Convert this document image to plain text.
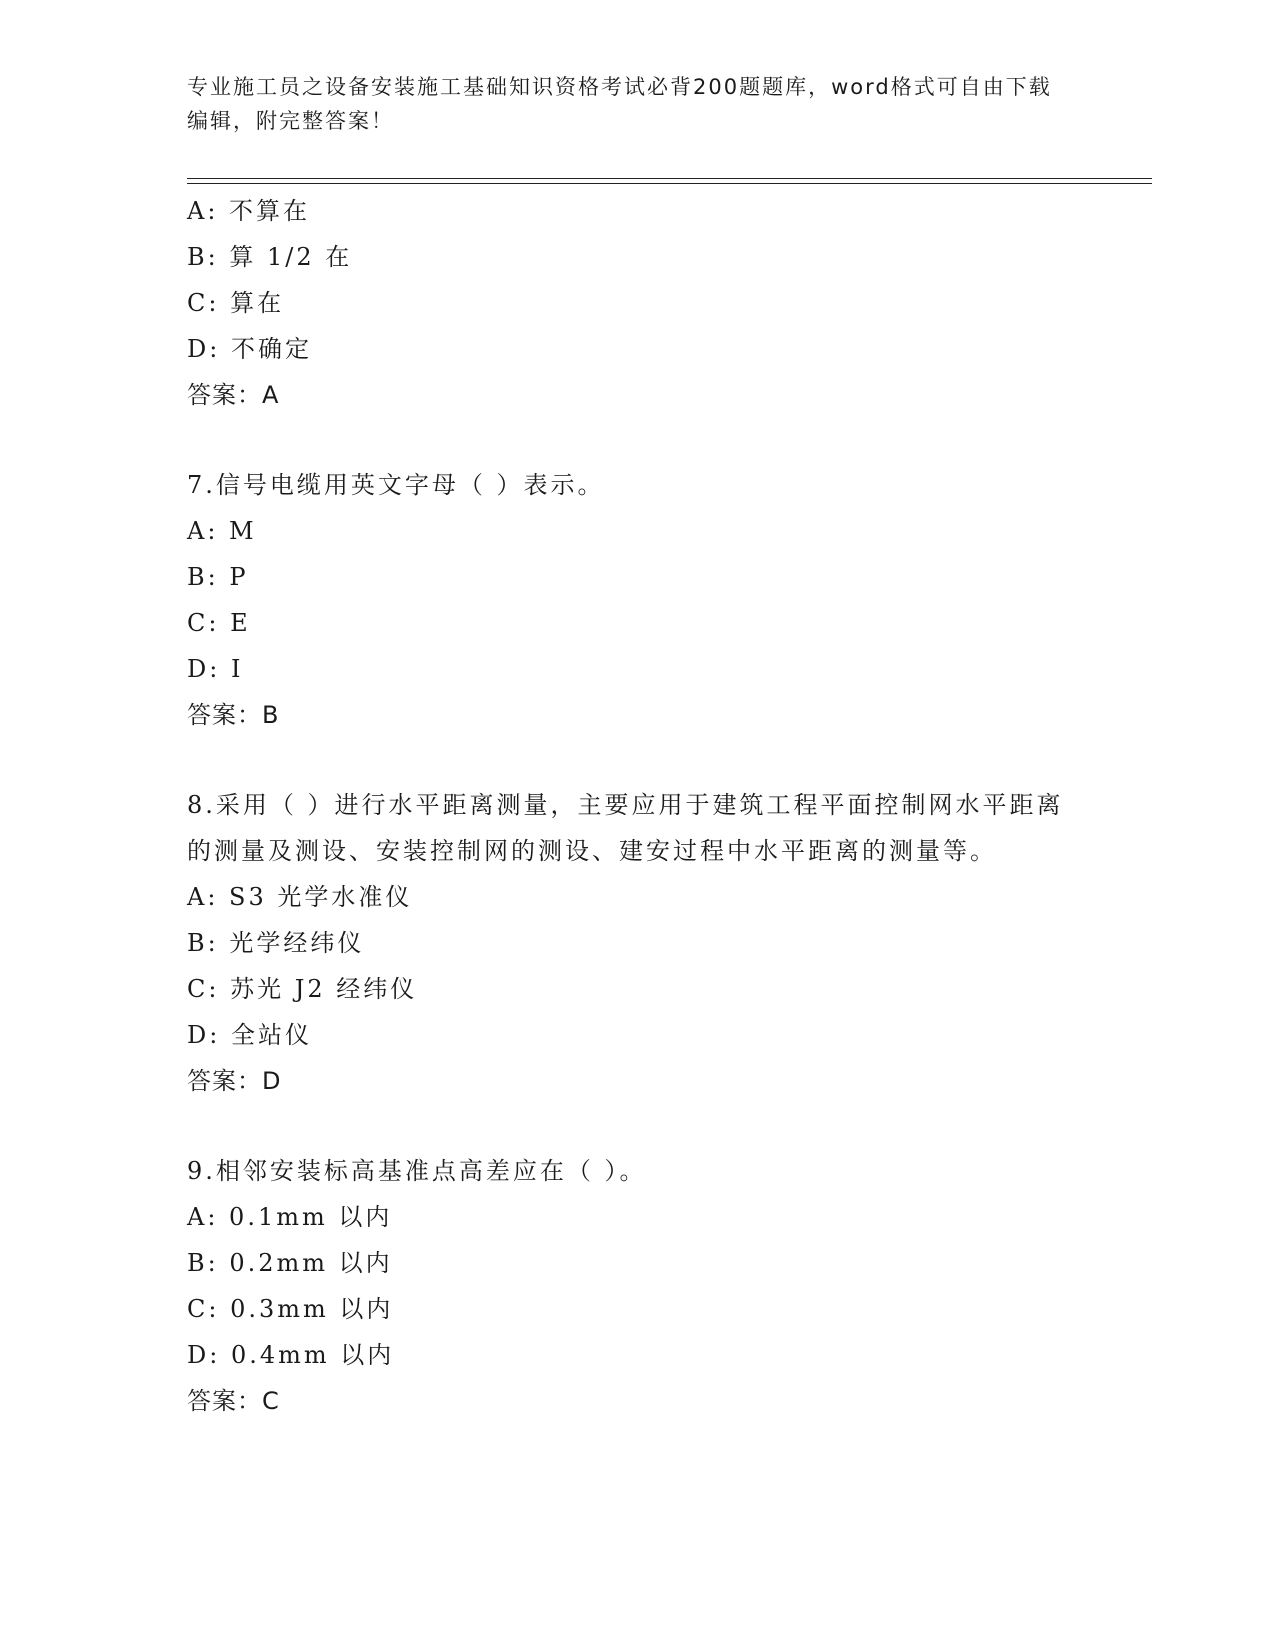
专业施工员之设备安装施工基础知识资格考试必背200题题库，word格式可自由下载编辑，附完整答案！
A: 不算在
B: 算 1/2 在
C: 算在
D: 不确定
答案：A
7.信号电缆用英文字母（ ）表示。
A: M
B: P
C: E
D: I
答案：B
8.采用（ ）进行水平距离测量，主要应用于建筑工程平面控制网水平距离的测量及测设、安装控制网的测设、建安过程中水平距离的测量等。
A: S3 光学水准仪
B: 光学经纬仪
C: 苏光 J2 经纬仪
D: 全站仪
答案：D
9.相邻安装标高基准点高差应在（ ）。
A: 0.1mm 以内
B: 0.2mm 以内
C: 0.3mm 以内
D: 0.4mm 以内
答案：C
